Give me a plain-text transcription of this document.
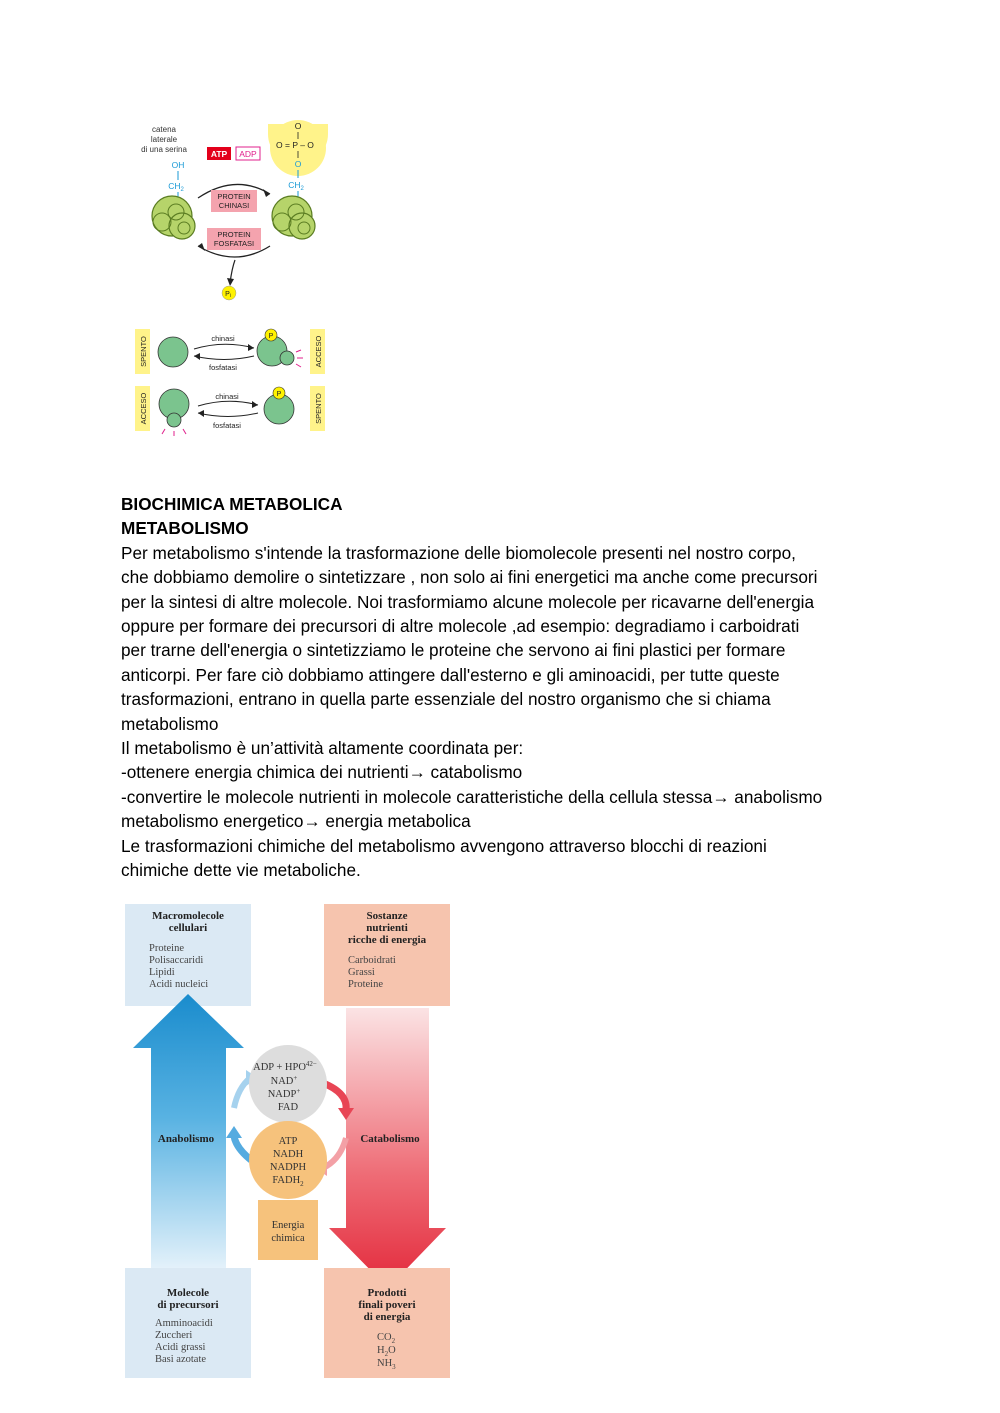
catena
laterale
di una serina
OH
$CH_2$
ATP ADP
O
O = P – O
O
$CH_2$
PROTEIN
CHINASI
PROTEIN
FOSFATASI
Pi
SPENTO	chinasi
fosfatasi
P	ACCESO
ACCESO	chinasi
fosfatasi
P	SPENTO
BIOCHIMICA METABOLICA
METABOLISMO
Per metabolismo s'intende la trasformazione delle biomolecole presenti nel nostro corpo,
che dobbiamo demolire o sintetizzare , non solo ai fini energetici ma anche come precursori
per la sintesi di altre molecole. Noi trasformiamo alcune molecole per ricavarne dell'energia
oppure per formare dei precursori di altre molecole ,ad esempio: degradiamo i carboidrati
per trarne dell'energia o sintetizziamo le proteine che servono ai fini plastici per formare
anticorpi. Per fare ciò dobbiamo attingere dall'esterno e gli aminoacidi, per tutte queste
trasformazioni, entrano in quella parte essenziale del nostro organismo che si chiama
metabolismo
Il metabolismo è un’attività altamente coordinata per:
-ottenere energia chimica dei nutrienti→ catabolismo
-convertire le molecole nutrienti in molecole caratteristiche della cellula stessa→ anabolismo
metabolismo energetico→ energia metabolica
Le trasformazioni chimiche del metabolismo avvengono attraverso blocchi di reazioni
chimiche dette vie metaboliche.
Macromolecole
cellulari
Proteine
Polisaccaridi
Lipidi
Acidi nucleici
Sostanze
nutrienti
ricche di energia
Carboidrati
Grassi
Proteine
Anabolismo	Catabolismo
ADP + $HPO^42-$
NAD+
NADP+
FAD
ATP
NADH
NADPH
$FADH_2$
Energia
chimica
Molecole
di precursori
Amminoacidi
Zuccheri
Acidi grassi
Basi azotate
Prodotti
finali poveri
di energia
$CO_2$
$H_2O$
$NH_3$
